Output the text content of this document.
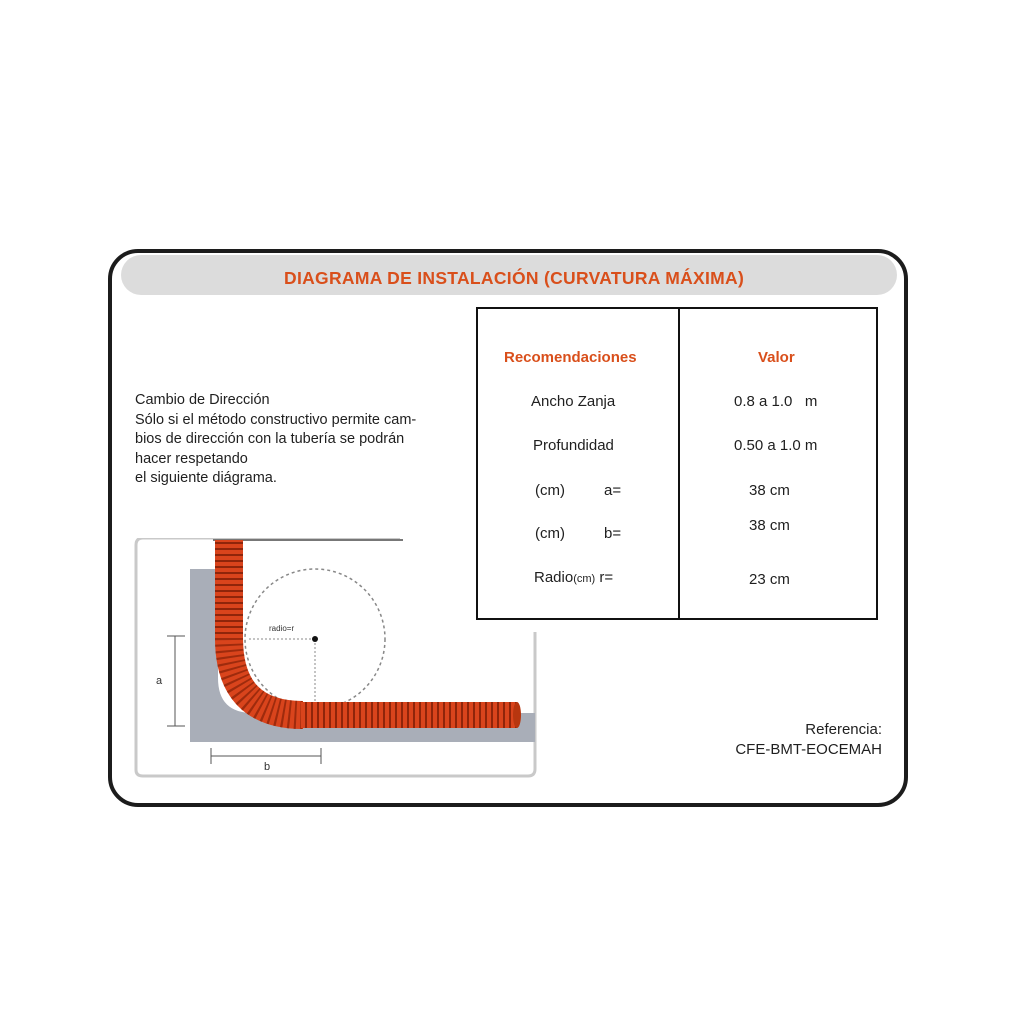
DIAGRAMA DE INSTALACIÓN (CURVATURA MÁXIMA)
Cambio de Dirección
Sólo si el método constructivo permite cam-
bios de dirección con la tubería se podrán
hacer respetando
el siguiente diágrama.
Recomendaciones	Valor
Ancho Zanja	0.8 a 1.0   m
Profundidad	0.50 a 1.0 m
(cm)	a=	38 cm
(cm)	b=	38 cm
Radio(cm) r=	23 cm
radio=r
a
b
Referencia:
CFE-BMT-EOCEMAH
